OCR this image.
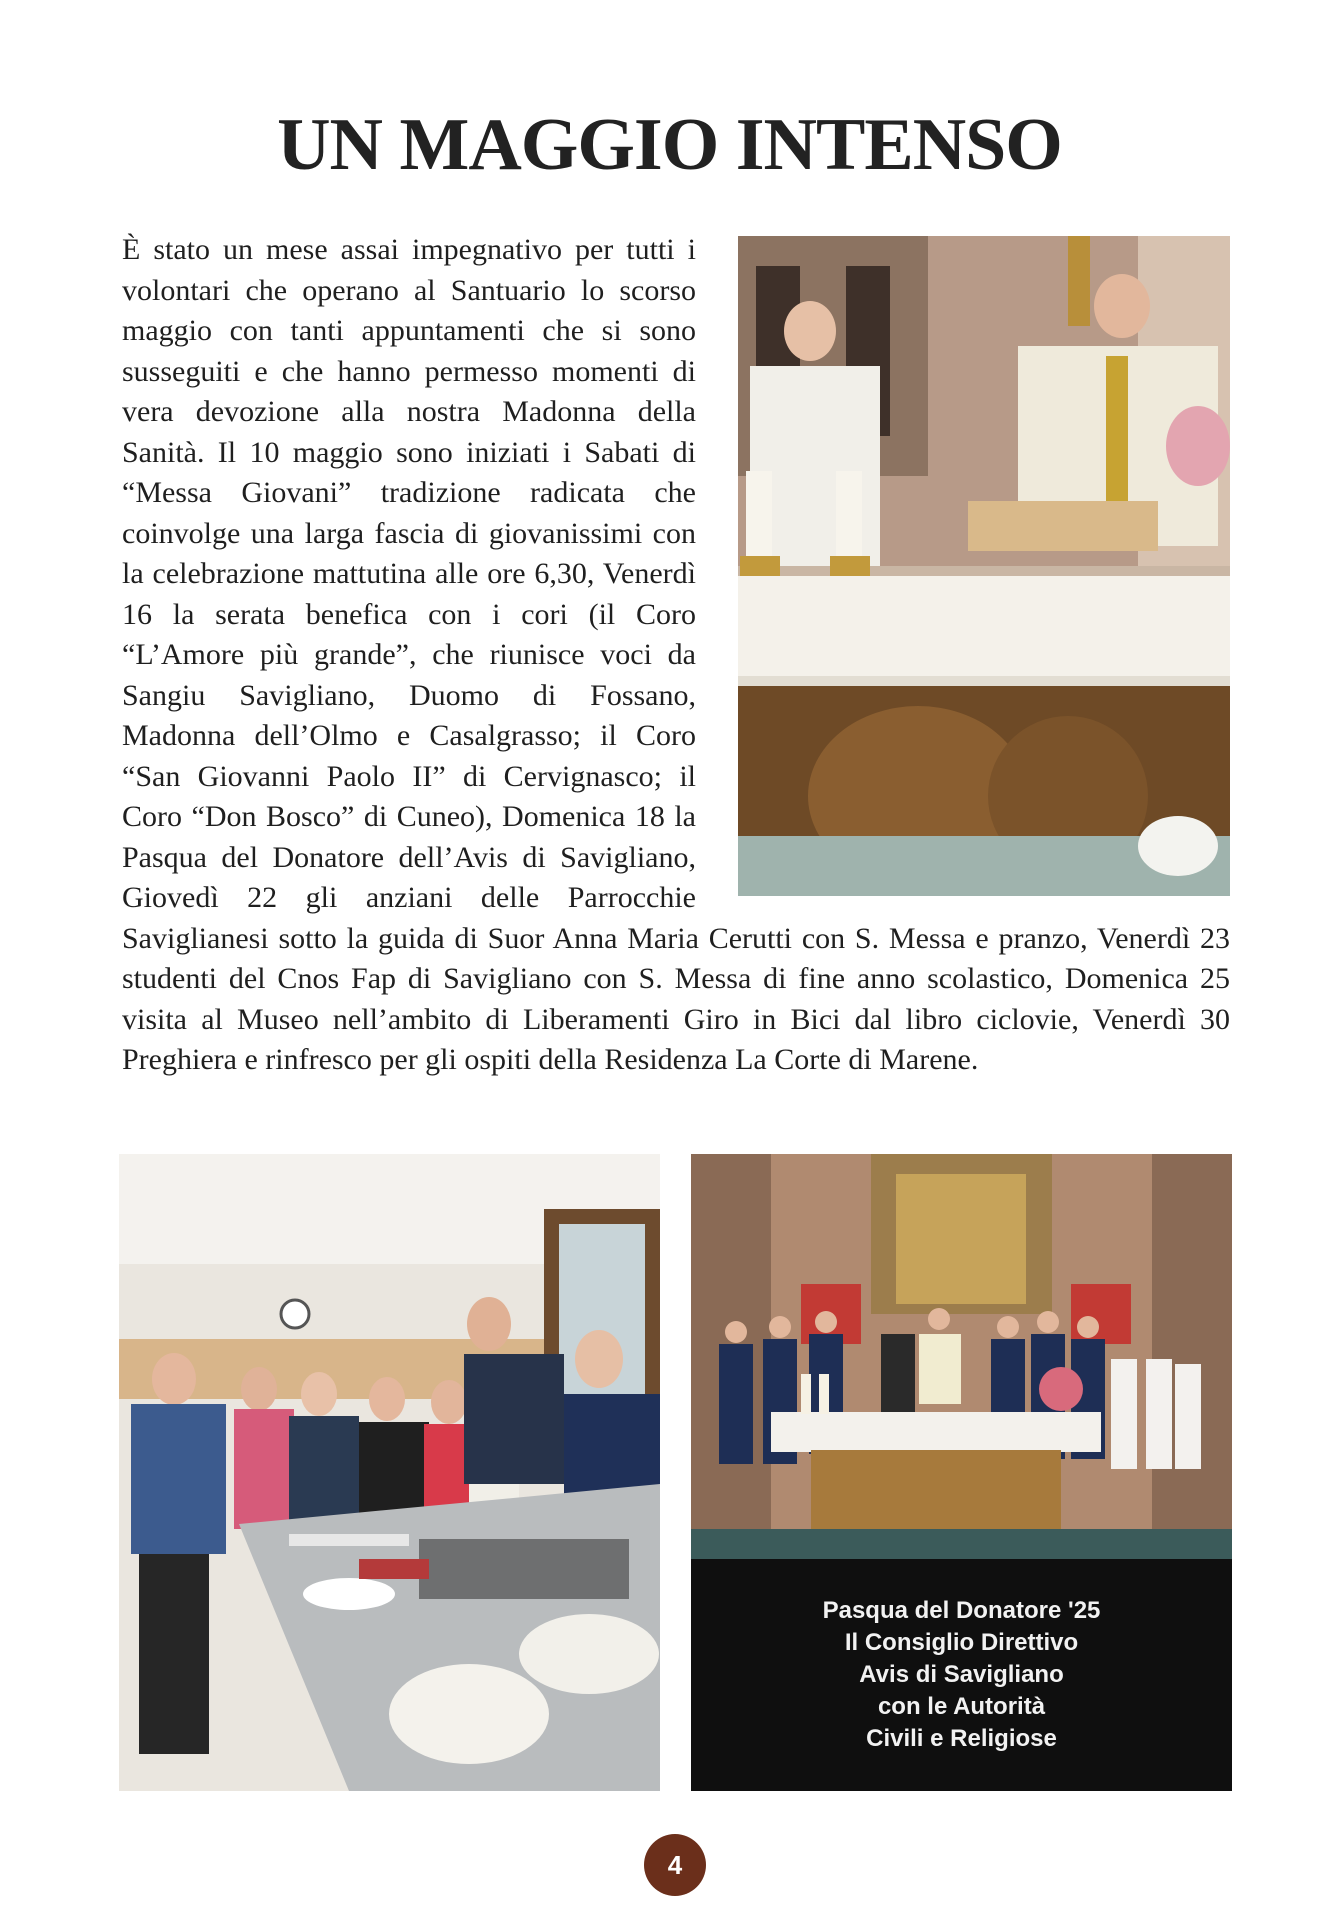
UN MAGGIO INTENSO
È stato un mese assai impegnativo per tutti i volontari che operano al Santuario lo scorso maggio con tanti appuntamenti che si sono susseguiti e che hanno permesso momenti di vera devozione alla nostra Madonna della Sanità. Il 10 maggio sono iniziati i Sabati di “Messa Giovani” tradizione radicata che coinvolge una larga fascia di giovanissimi con la celebrazione mattutina alle ore 6,30, Venerdì 16 la serata benefica con i cori (il Coro “L’Amore più grande”, che riunisce voci da Sangiu Savigliano, Duomo di Fossano, Madonna dell’Olmo e Casalgrasso; il Coro “San Giovanni Paolo II” di Cervignasco; il Coro “Don Bosco” di Cuneo), Domenica 18 la Pasqua del Donatore dell’Avis di Savigliano, Giovedì 22 gli anziani delle Parrocchie Saviglianesi sotto la guida di Suor Anna Maria Cerutti con S. Messa e pranzo, Venerdì 23 studenti del Cnos Fap di Savigliano con S. Messa di fine anno scolastico, Domenica 25 visita al Museo nell’ambito di Liberamenti Giro in Bici dal libro ciclovie, Venerdì 30 Preghiera e rinfresco per gli ospiti della Residenza La Corte di Marene.
Pasqua del Donatore '25
Il Consiglio Direttivo
Avis di Savigliano
con le Autorità
Civili e Religiose
4
